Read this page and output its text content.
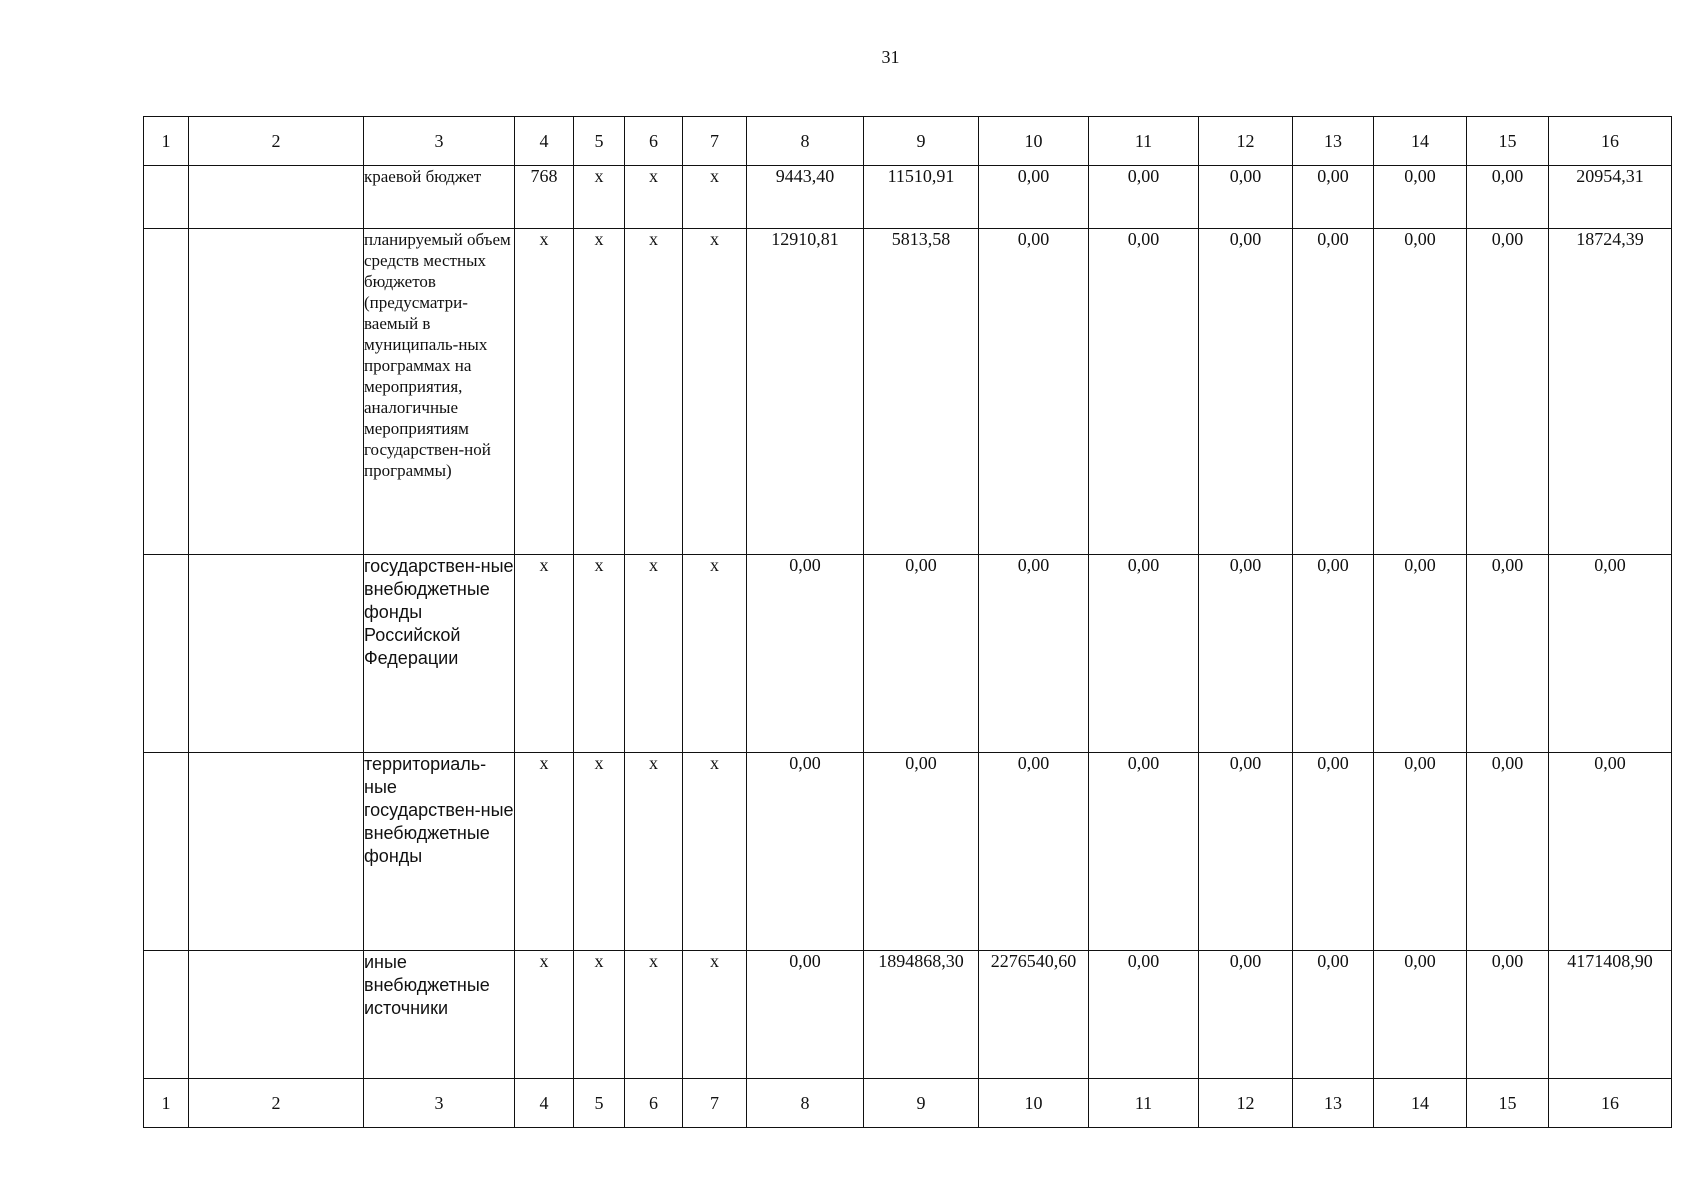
31
1	2	3	4	5	6	7	8	9	10	11	12	13	14	15	16
		краевой бюджет	768	х	х	х	9443,40	11510,91	0,00	0,00	0,00	0,00	0,00	0,00	20954,31
		планируемый объем средств местных бюджетов (предусматри-ваемый в муниципаль-ных программах на мероприятия, аналогичные мероприятиям государствен-ной программы)	х	х	х	х	12910,81	5813,58	0,00	0,00	0,00	0,00	0,00	0,00	18724,39
		государствен-ные внебюджетные фонды Российской Федерации	х	х	х	х	0,00	0,00	0,00	0,00	0,00	0,00	0,00	0,00	0,00
		территориаль-ные государствен-ные внебюджетные фонды	х	х	х	х	0,00	0,00	0,00	0,00	0,00	0,00	0,00	0,00	0,00
		иные внебюджетные источники	х	х	х	х	0,00	1894868,30	2276540,60	0,00	0,00	0,00	0,00	0,00	4171408,90
1	2	3	4	5	6	7	8	9	10	11	12	13	14	15	16
